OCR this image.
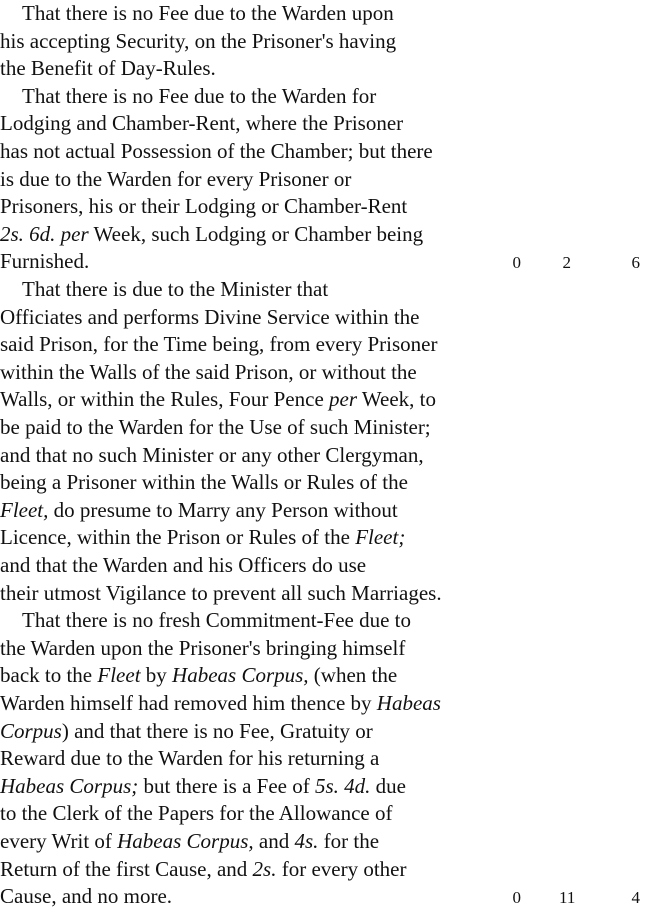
That there is no Fee due to the Warden upon
his accepting Security, on the Prisoner's having
the Benefit of Day-Rules.
That there is no Fee due to the Warden for
Lodging and Chamber-Rent, where the Prisoner
has not actual Possession of the Chamber; but there
is due to the Warden for every Prisoner or
Prisoners, his or their Lodging or Chamber-Rent
2s. 6d. per Week, such Lodging or Chamber being
Furnished.	0 2	6
That there is due to the Minister that
Officiates and performs Divine Service within the
said Prison, for the Time being, from every Prisoner
within the Walls of the said Prison, or without the
Walls, or within the Rules, Four Pence per Week, to
be paid to the Warden for the Use of such Minister;
and that no such Minister or any other Clergyman,
being a Prisoner within the Walls or Rules of the
Fleet, do presume to Marry any Person without
Licence, within the Prison or Rules of the Fleet;
and that the Warden and his Officers do use
their utmost Vigilance to prevent all such Marriages.
That there is no fresh Commitment-Fee due to
the Warden upon the Prisoner's bringing himself
back to the Fleet by Habeas Corpus, (when the
Warden himself had removed him thence by Habeas
Corpus) and that there is no Fee, Gratuity or
Reward due to the Warden for his returning a
Habeas Corpus; but there is a Fee of 5s. 4d. due
to the Clerk of the Papers for the Allowance of
every Writ of Habeas Corpus, and 4s. for the
Return of the first Cause, and 2s. for every other
Cause, and no more.	0 11	4
